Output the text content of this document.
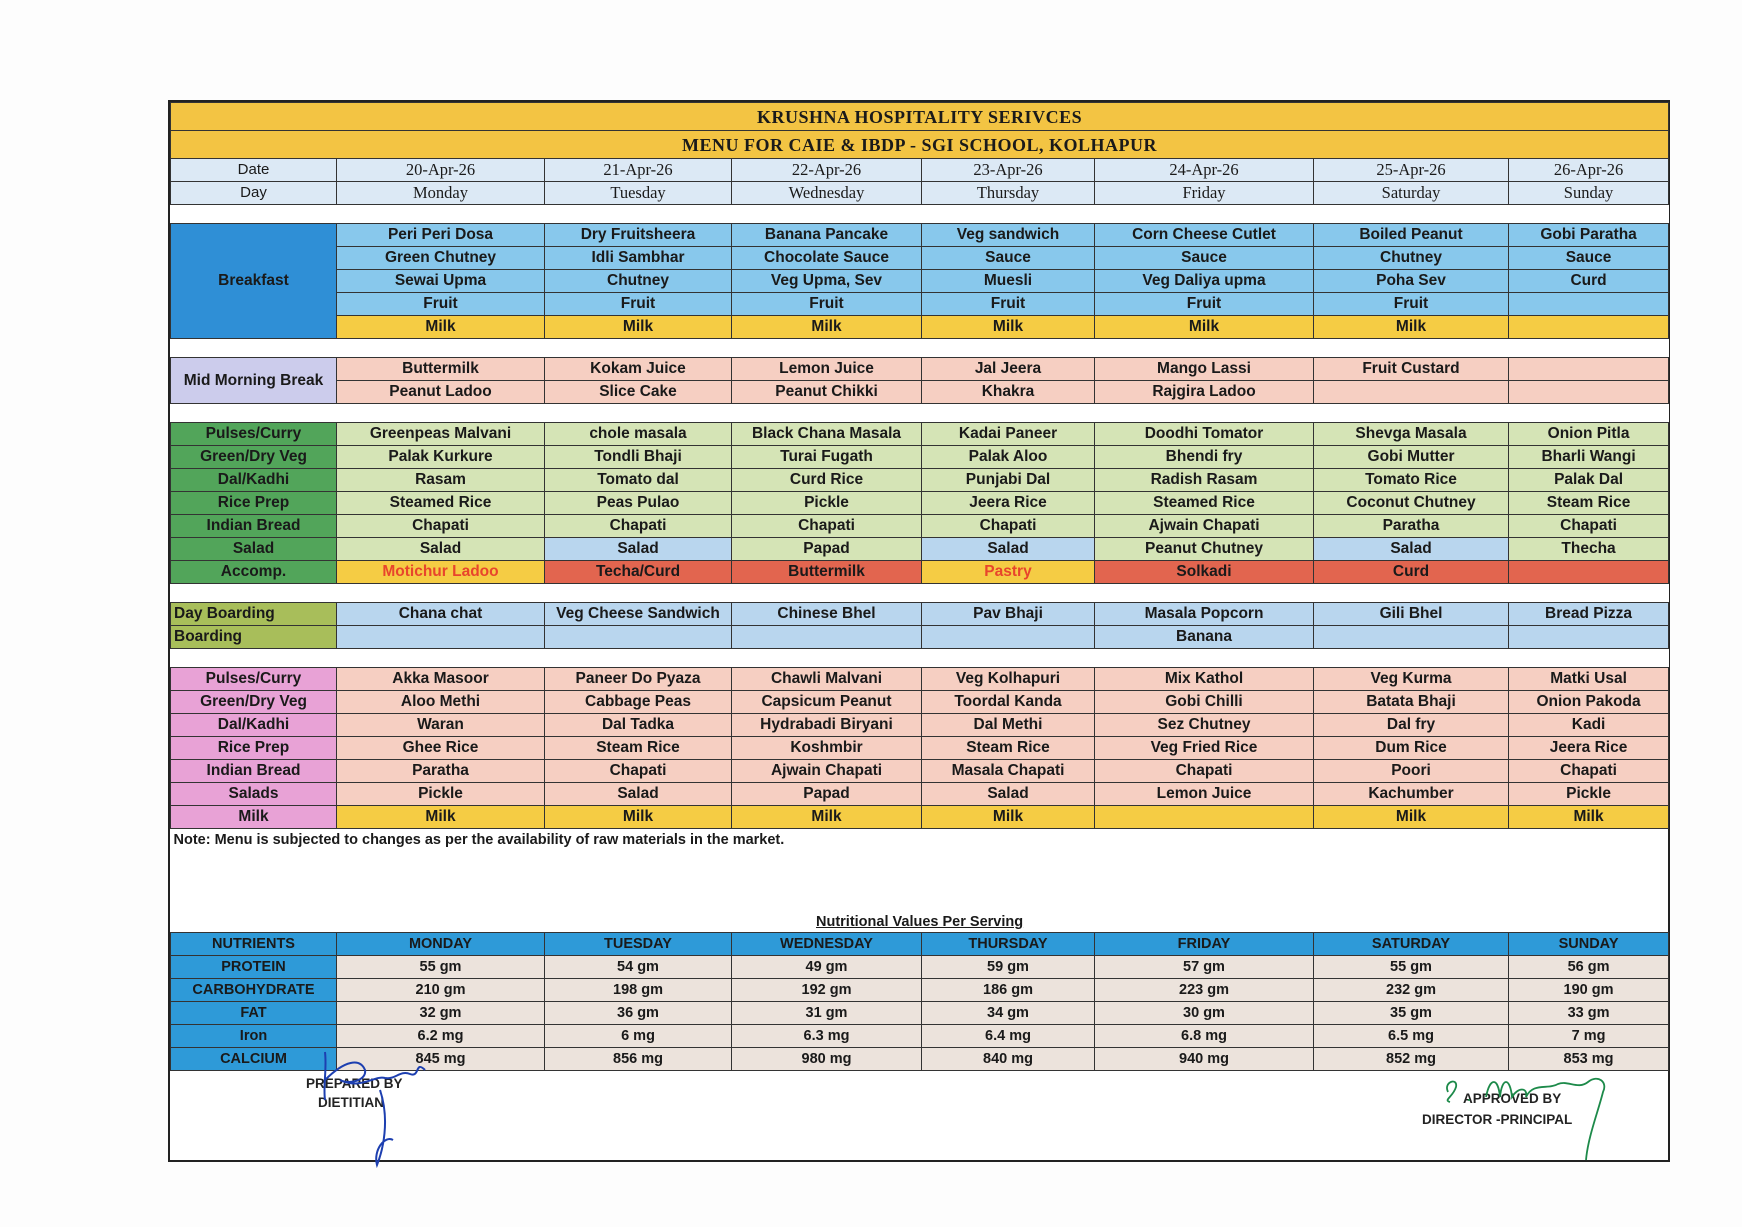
KRUSHNA HOSPITALITY SERIVCES							
MENU FOR CAIE & IBDP - SGI SCHOOL, KOLHAPUR							
Date	20-Apr-26	21-Apr-26	22-Apr-26	23-Apr-26	24-Apr-26	25-Apr-26	26-Apr-26
Day	Monday	Tuesday	Wednesday	Thursday	Friday	Saturday	Sunday

Breakfast	Peri Peri Dosa	Dry Fruitsheera	Banana Pancake	Veg sandwich	Corn Cheese Cutlet	Boiled Peanut	Gobi Paratha
	Green Chutney	Idli Sambhar	Chocolate Sauce	Sauce	Sauce	Chutney	Sauce
	Sewai Upma	Chutney	Veg Upma, Sev	Muesli	Veg Daliya upma	Poha Sev	Curd
	Fruit	Fruit	Fruit	Fruit	Fruit	Fruit	
	Milk	Milk	Milk	Milk	Milk	Milk	

Mid Morning Break	Buttermilk	Kokam Juice	Lemon Juice	Jal Jeera	Mango Lassi	Fruit Custard	
	Peanut Ladoo	Slice Cake	Peanut Chikki	Khakra	Rajgira Ladoo		

Pulses/Curry	Greenpeas Malvani	chole masala	Black Chana Masala	Kadai Paneer	Doodhi Tomator	Shevga Masala	Onion Pitla
Green/Dry Veg	Palak Kurkure	Tondli Bhaji	Turai Fugath	Palak Aloo	Bhendi fry	Gobi Mutter	Bharli Wangi
Dal/Kadhi	Rasam	Tomato dal	Curd Rice	Punjabi Dal	Radish Rasam	Tomato Rice	Palak Dal
Rice Prep	Steamed Rice	Peas Pulao	Pickle	Jeera Rice	Steamed Rice	Coconut Chutney	Steam Rice
Indian Bread	Chapati	Chapati	Chapati	Chapati	Ajwain Chapati	Paratha	Chapati
Salad	Salad	Salad	Papad	Salad	Peanut Chutney	Salad	Thecha
Accomp.	Motichur Ladoo	Techa/Curd	Buttermilk	Pastry	Solkadi	Curd	

Day Boarding	Chana chat	Veg Cheese Sandwich	Chinese Bhel	Pav Bhaji	Masala Popcorn	Gili Bhel	Bread Pizza
Boarding					Banana		

Pulses/Curry	Akka Masoor	Paneer Do Pyaza	Chawli Malvani	Veg Kolhapuri	Mix Kathol	Veg Kurma	Matki Usal
Green/Dry Veg	Aloo Methi	Cabbage Peas	Capsicum Peanut	Toordal Kanda	Gobi Chilli	Batata Bhaji	Onion Pakoda
Dal/Kadhi	Waran	Dal Tadka	Hydrabadi Biryani	Dal Methi	Sez Chutney	Dal fry	Kadi
Rice Prep	Ghee Rice	Steam Rice	Koshmbir	Steam Rice	Veg Fried Rice	Dum Rice	Jeera Rice
Indian Bread	Paratha	Chapati	Ajwain Chapati	Masala Chapati	Chapati	Poori	Chapati
Salads	Pickle	Salad	Papad	Salad	Lemon Juice	Kachumber	Pickle
Milk	Milk	Milk	Milk	Milk		Milk	Milk
Note: Menu is subjected to changes as per the availability of raw materials in the market.							
Nutritional Values Per Serving							
NUTRIENTS	MONDAY	TUESDAY	WEDNESDAY	THURSDAY	FRIDAY	SATURDAY	SUNDAY
PROTEIN	55 gm	54 gm	49 gm	59 gm	57 gm	55 gm	56 gm
CARBOHYDRATE	210 gm	198 gm	192 gm	186 gm	223 gm	232 gm	190 gm
FAT	32 gm	36 gm	31 gm	34 gm	30 gm	35 gm	33 gm
Iron	6.2 mg	6 mg	6.3 mg	6.4 mg	6.8 mg	6.5 mg	7 mg
CALCIUM	845 mg	856 mg	980 mg	840 mg	940 mg	852 mg	853 mg
PREPARED BY
DIETITIAN	APPROVED BY
DIRECTOR -PRINCIPAL
